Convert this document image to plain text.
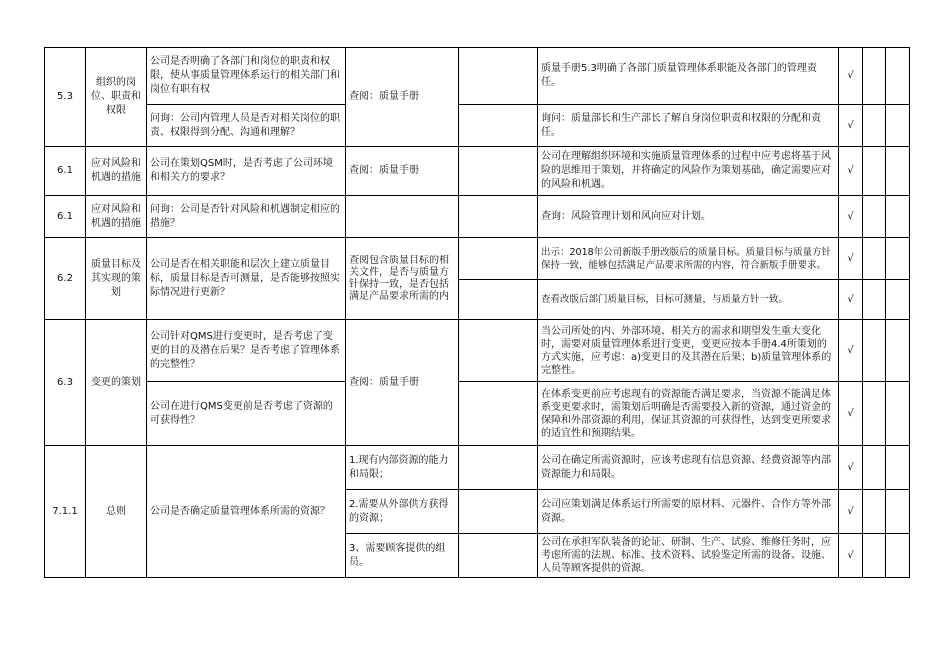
5.3	组织的岗位、职责和权限	公司是否明确了各部门和岗位的职责和权限，使从事质量管理体系运行的相关部门和岗位有职有权	查阅：质量手册		质量手册5.3明确了各部门质量管理体系职能及各部门的管理责任。	√		
		问询：公司内管理人员是否对相关岗位的职责、权限得到分配、沟通和理解？			询问：质量部长和生产部长了解自身岗位职责和权限的分配和责任。	√		
6.1	应对风险和机遇的措施	公司在策划QSM时，是否考虑了公司环境和相关方的要求？	查阅：质量手册		公司在理解组织环境和实施质量管理体系的过程中应考虑将基于风险的思维用于策划，并将确定的风险作为策划基础，确定需要应对的风险和机遇。	√		
6.1	应对风险和机遇的措施	问询：公司是否针对风险和机遇制定相应的措施？			查询：风险管理计划和风向应对计划。	√		
6.2	质量目标及其实现的策划	公司是否在相关职能和层次上建立质量目标，质量目标是否可测量，是否能够按照实际情况进行更新？	查阅包含质量目标的相关文件，是否与质量方针保持一致，是否包括满足产品要求所需的内		出示：2018年公司新版手册改版后的质量目标。质量目标与质量方针保持一致，能够包括满足产品要求所需的内容，符合新版手册要求。	√		
					查看改版后部门质量目标，目标可测量，与质量方针一致。	√		
6.3	变更的策划	公司针对QMS进行变更时，是否考虑了变更的目的及潜在后果？是否考虑了管理体系的完整性？	查阅：质量手册		当公司所处的内、外部环境、相关方的需求和期望发生重大变化时，需要对质量管理体系进行变更，变更应按本手册4.4所策划的方式实施，应考虑：a)变更目的及其潜在后果；b)质量管理体系的完整性。	√		
		公司在进行QMS变更前是否考虑了资源的可获得性？			在体系变更前应考虑现有的资源能否满足要求，当资源不能满足体系变更要求时，需策划后明确是否需要投入新的资源，通过资金的保障和外部资源的利用，保证其资源的可获得性，达到变更所要求的适宜性和预期结果。	√		
7.1.1	总则	公司是否确定质量管理体系所需的资源？	1.现有内部资源的能力和局限；		公司在确定所需资源时，应该考虑现有信息资源、经费资源等内部资源能力和局限。	√		
			2.需要从外部供方获得的资源；		公司应策划满足体系运行所需要的原材料、元器件、合作方等外部资源。	√		
			3、需要顾客提供的组员。		公司在承担军队装备的论证、研制、生产、试验、维修任务时，应考虑所需的法规、标准、技术资料、试验鉴定所需的设备、设施、人员等顾客提供的资源。	√		
